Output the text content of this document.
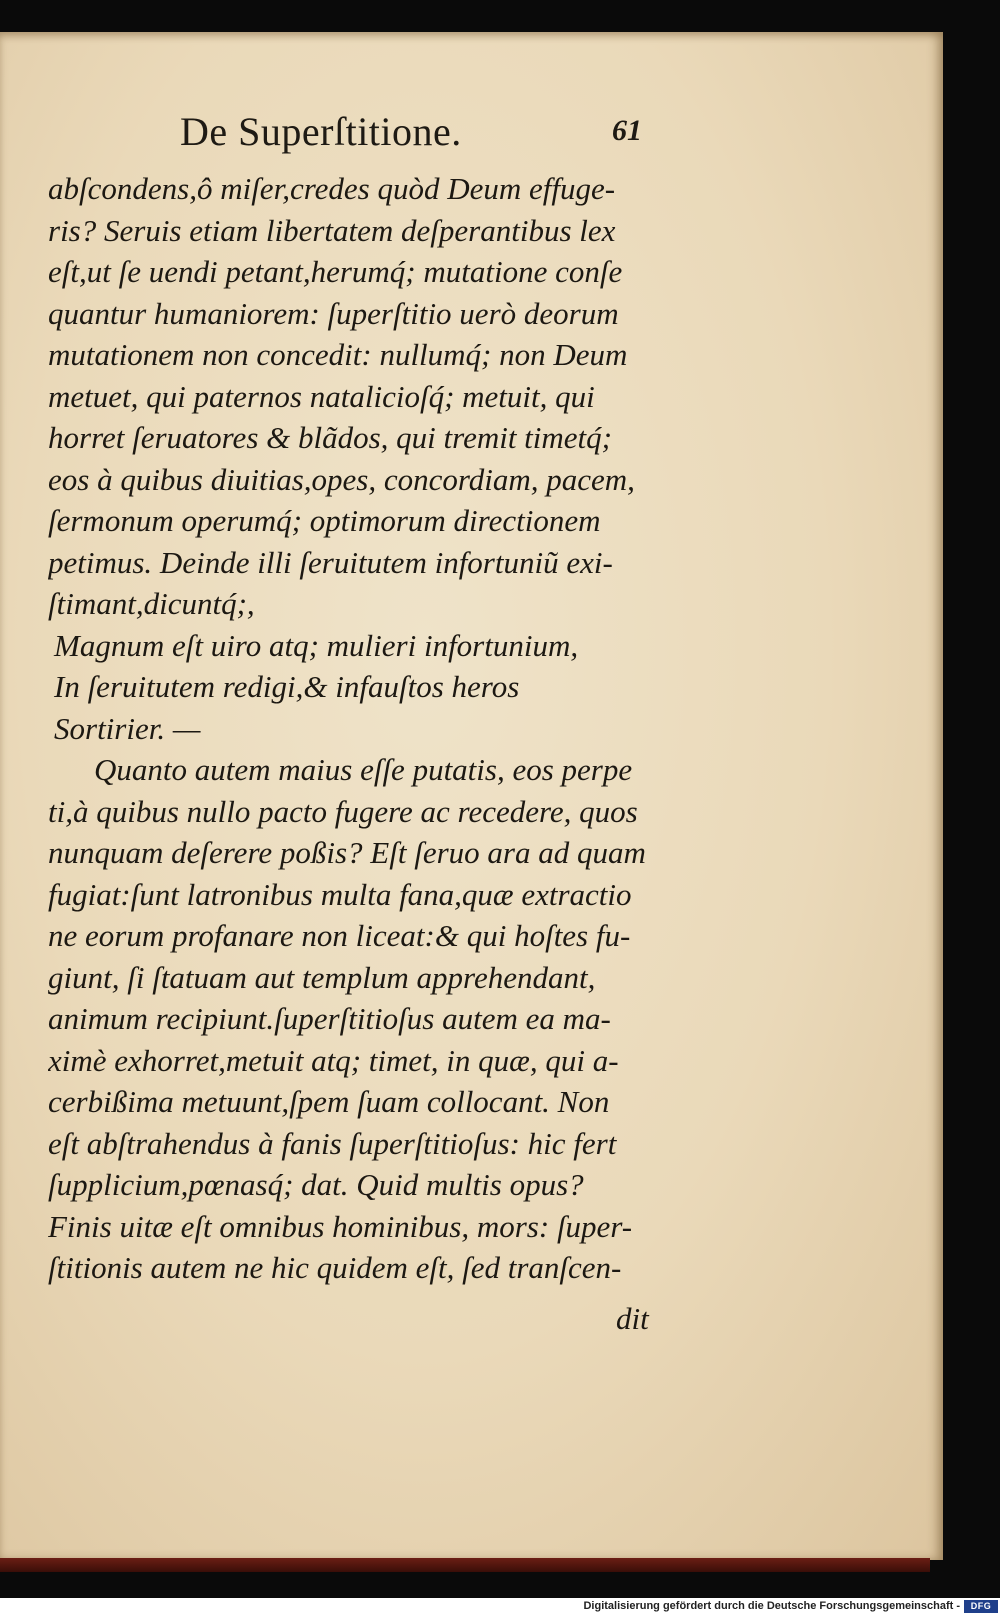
De Superſtitione.	61
abſcondens,ô miſer,credes quòd Deum effuge-
ris? Seruis etiam libertatem deſperantibus lex
eſt,ut ſe uendi petant,herumq́; mutatione conſe
quantur humaniorem: ſuperſtitio uerò deorum
mutationem non concedit: nullumq́; non Deum
metuet, qui paternos natalicioſq́; metuit, qui
horret ſeruatores & blãdos, qui tremit timetq́;
eos à quibus diuitias,opes, concordiam, pacem,
ſermonum operumq́; optimorum directionem
petimus. Deinde illi ſeruitutem infortuniũ exi-
ſtimant,dicuntq́;,
Magnum eſt uiro atq; mulieri infortunium,
In ſeruitutem redigi,& infauſtos heros
Sortirier. —
Quanto autem maius eſſe putatis, eos perpe
ti,à quibus nullo pacto fugere ac recedere, quos
nunquam deſerere poßis? Eſt ſeruo ara ad quam
fugiat:ſunt latronibus multa fana,quæ extractio
ne eorum profanare non liceat:& qui hoſtes fu-
giunt, ſi ſtatuam aut templum apprehendant,
animum recipiunt.ſuperſtitioſus autem ea ma-
ximè exhorret,metuit atq; timet, in quæ, qui a-
cerbißima metuunt,ſpem ſuam collocant. Non
eſt abſtrahendus à fanis ſuperſtitioſus: hic fert
ſupplicium,pœnasq́; dat. Quid multis opus?
Finis uitæ eſt omnibus hominibus, mors: ſuper-
ſtitionis autem ne hic quidem eſt, ſed tranſcen-
dit
Digitalisierung gefördert durch die Deutsche Forschungsgemeinschaft -	DFG
